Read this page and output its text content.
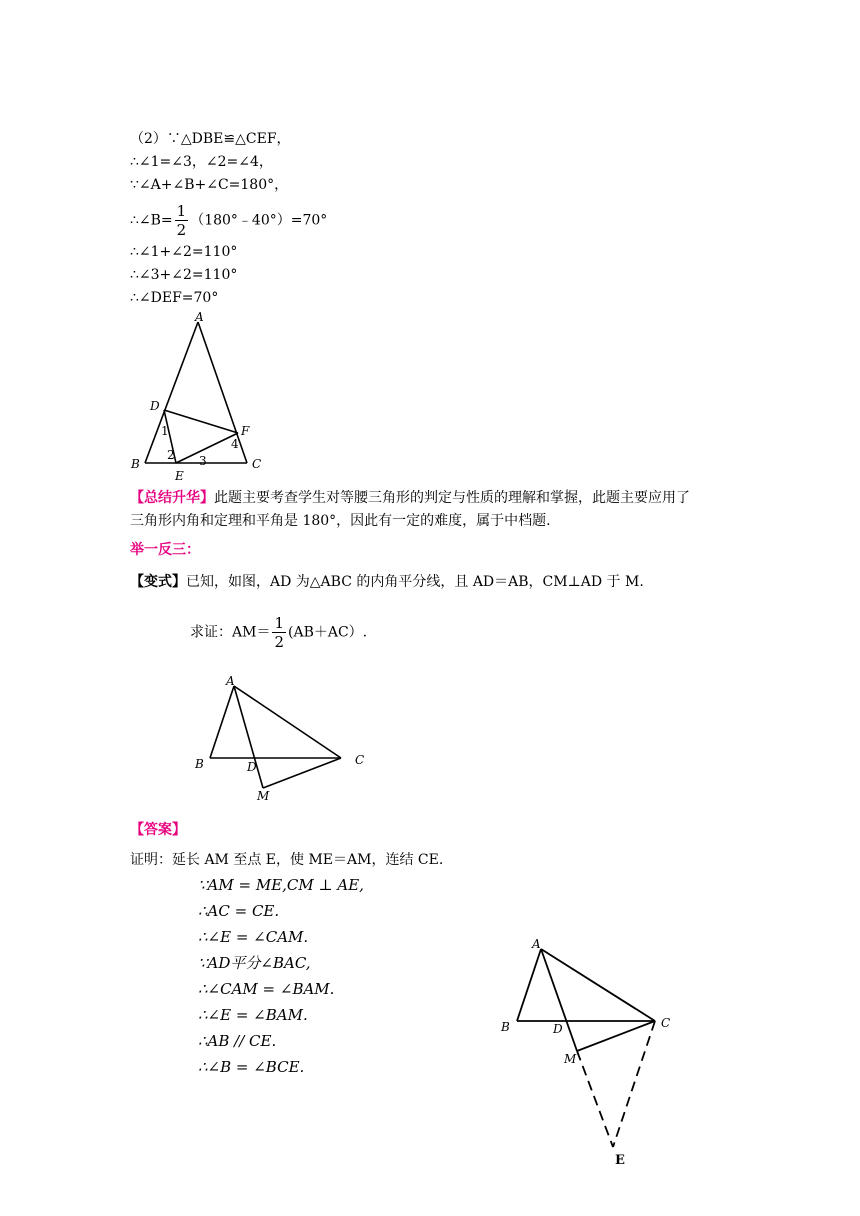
（2）∵△DBE≌△CEF，
∴∠1=∠3，∠2=∠4，
∵∠A+∠B+∠C=180°，
∴∠B= $\frac{1}{2}$ （180°﹣40°）=70°
∴∠1+∠2=110°
∴∠3+∠2=110°
∴∠DEF=70°
A
D
F
B
E
C
1
2 3
4
【总结升华】此题主要考查学生对等腰三角形的判定与性质的理解和掌握，此题主要应用了
三角形内角和定理和平角是 180°，因此有一定的难度，属于中档题.
举一反三：
【变式】已知，如图，AD 为△ABC 的内角平分线，且 AD＝AB，CM⊥AD 于 M.
求证：$AM= \frac{1}{2} (AB+AC)$.
A
B	D	C
M
【答案】
证明：延长 AM 至点 E，使 ME＝AM，连结 CE.
∵AM = ME,CM ⊥ AE,
∴AC = CE.
∴∠E = ∠CAM.
∵AD平分∠BAC,
∴∠CAM = ∠BAM.
∴∠E = ∠BAM.
∴AB // CE.
∴∠B = ∠BCE.
A
B	D	C
M
E
